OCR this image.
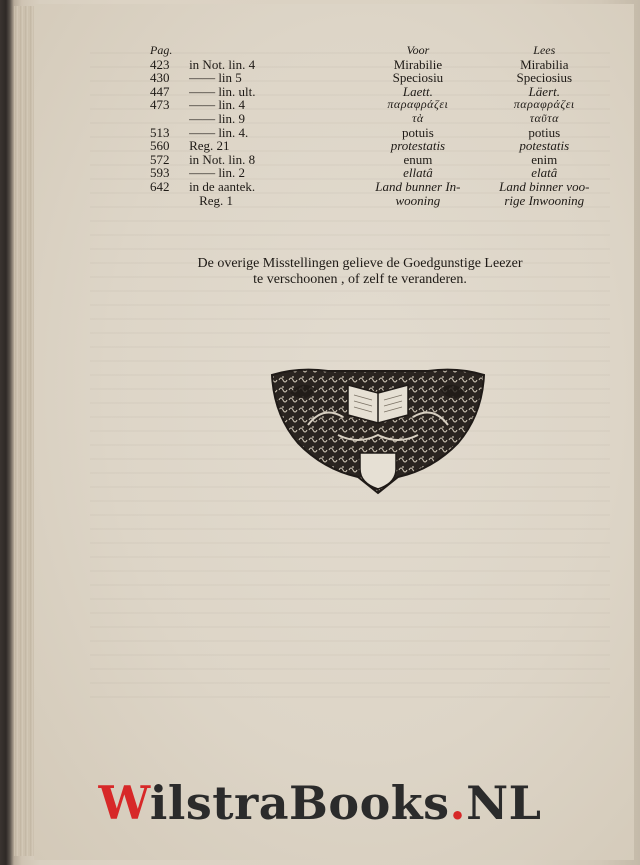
Pag.		Voor	Lees
423	in Not. lin. 4	Mirabilie	Mirabilia
430	—— lin 5	Speciosiu	Speciosius
447	—— lin. ult.	Laett.	Läert.
473	—— lin. 4	παραφράζει	παραφράζει
	—— lin. 9	τὰ	ταῦτα
513	—— lin. 4.	potuis	potius
560	Reg. 21	protestatis	potestatis
572	in Not. lin. 8	enum	enim
593	—— lin. 2	ellatâ	elatâ
642	in de aantek.	Land bunner In-	Land binner voo-
	Reg. 1	wooning	rige Inwooning
De overige Misstellingen gelieve de Goedgunstige Leezer
te verschoonen , of zelf te veranderen.
WilstraBooks.NL
